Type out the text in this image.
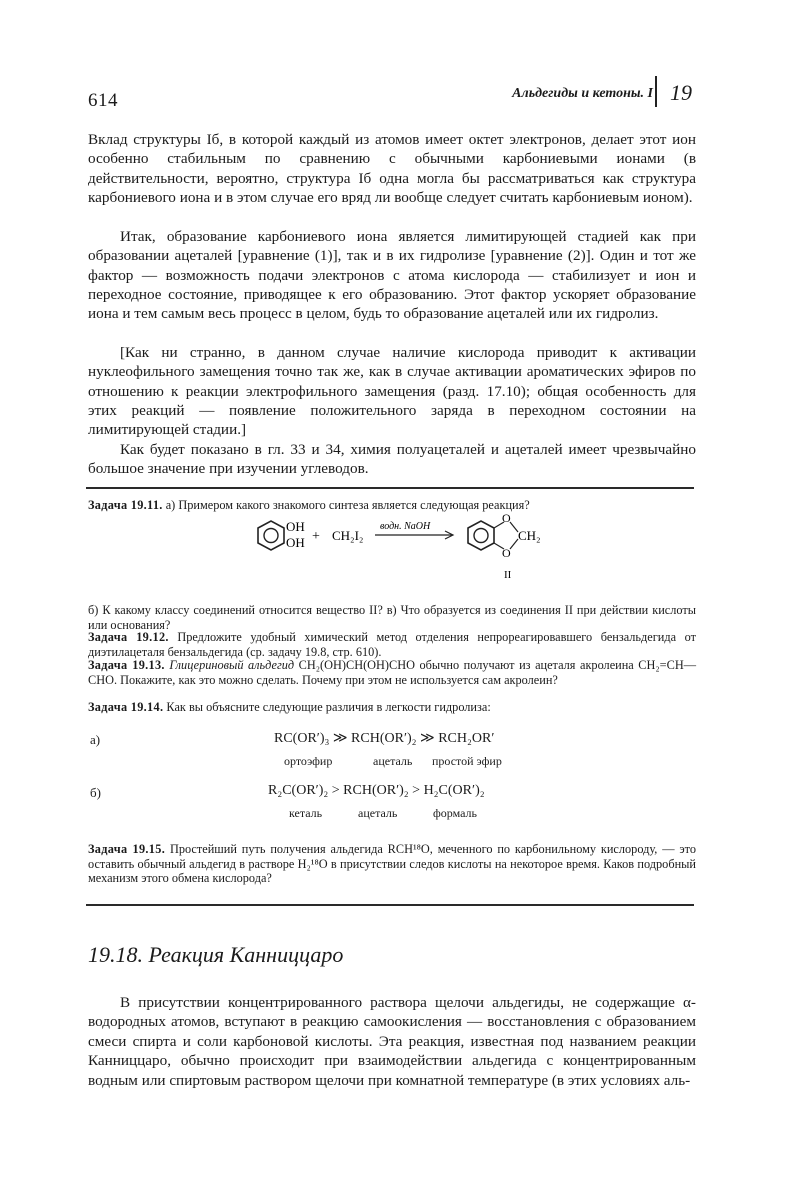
614	Альдегиды и кетоны. I 19

Вклад структуры Iб, в которой каждый из атомов имеет октет электронов, делает этот ион особенно стабильным по сравнению с обычными карбониевыми ионами (в действительности, вероятно, структура Iб одна могла бы рассматриваться как структура карбониевого иона и в этом случае его вряд ли вообще следует считать карбониевым ионом).

Итак, образование карбониевого иона является лимитирующей стадией как при образовании ацеталей [уравнение (1)], так и в их гидролизе [уравнение (2)]. Один и тот же фактор — возможность подачи электронов с атома кислорода — стабилизует и ион и переходное состояние, приводящее к его образованию. Этот фактор ускоряет образование иона и тем самым весь процесс в целом, будь то образование ацеталей или их гидролиз.

[Как ни странно, в данном случае наличие кислорода приводит к активации нуклеофильного замещения точно так же, как в случае активации ароматических эфиров по отношению к реакции электрофильного замещения (разд. 17.10); общая особенность для этих реакций — появление положительного заряда в переходном состоянии на лимитирующей стадии.]

Как будет показано в гл. 33 и 34, химия полуацеталей и ацеталей имеет чрезвычайно большое значение при изучении углеводов.

Задача 19.11. а) Примером какого знакомого синтеза является следующая реакция?

OH
OH + CH₂I₂
водн. NaOH
O
O
CH₂
II

б) К какому классу соединений относится вещество II? в) Что образуется из соединения II при действии кислоты или основания?

Задача 19.12. Предложите удобный химический метод отделения непрореагировавшего бензальдегида от диэтилацеталя бензальдегида (ср. задачу 19.8, стр. 610).

Задача 19.13. Глицериновый альдегид CH₂(OH)CH(OH)CHO обычно получают из ацеталя акролеина CH₂=CH—CHO. Покажите, как это можно сделать. Почему при этом не используется сам акролеин?

Задача 19.14. Как вы объясните следующие различия в легкости гидролиза:

а)	RC(OR′)₃ ≫ RCH(OR′)₂ ≫ RCH₂OR′
ортоэфир	ацеталь простой эфир
б)	R₂C(OR′)₂ > RCH(OR′)₂ > H₂C(OR′)₂
кеталь	ацеталь	формаль

Задача 19.15. Простейший путь получения альдегида RCH¹⁸O, меченного по карбонильному кислороду, — это оставить обычный альдегид в растворе H₂¹⁸O в присутствии следов кислоты на некоторое время. Каков подробный механизм этого обмена кислорода?

19.18. Реакция Канниццаро

В присутствии концентрированного раствора щелочи альдегиды, не содержащие α-водородных атомов, вступают в реакцию самоокисления — восстановления с образованием смеси спирта и соли карбоновой кислоты. Эта реакция, известная под названием реакции Канниццаро, обычно происходит при взаимодействии альдегида с концентрированным водным или спиртовым раствором щелочи при комнатной температуре (в этих условиях аль-
